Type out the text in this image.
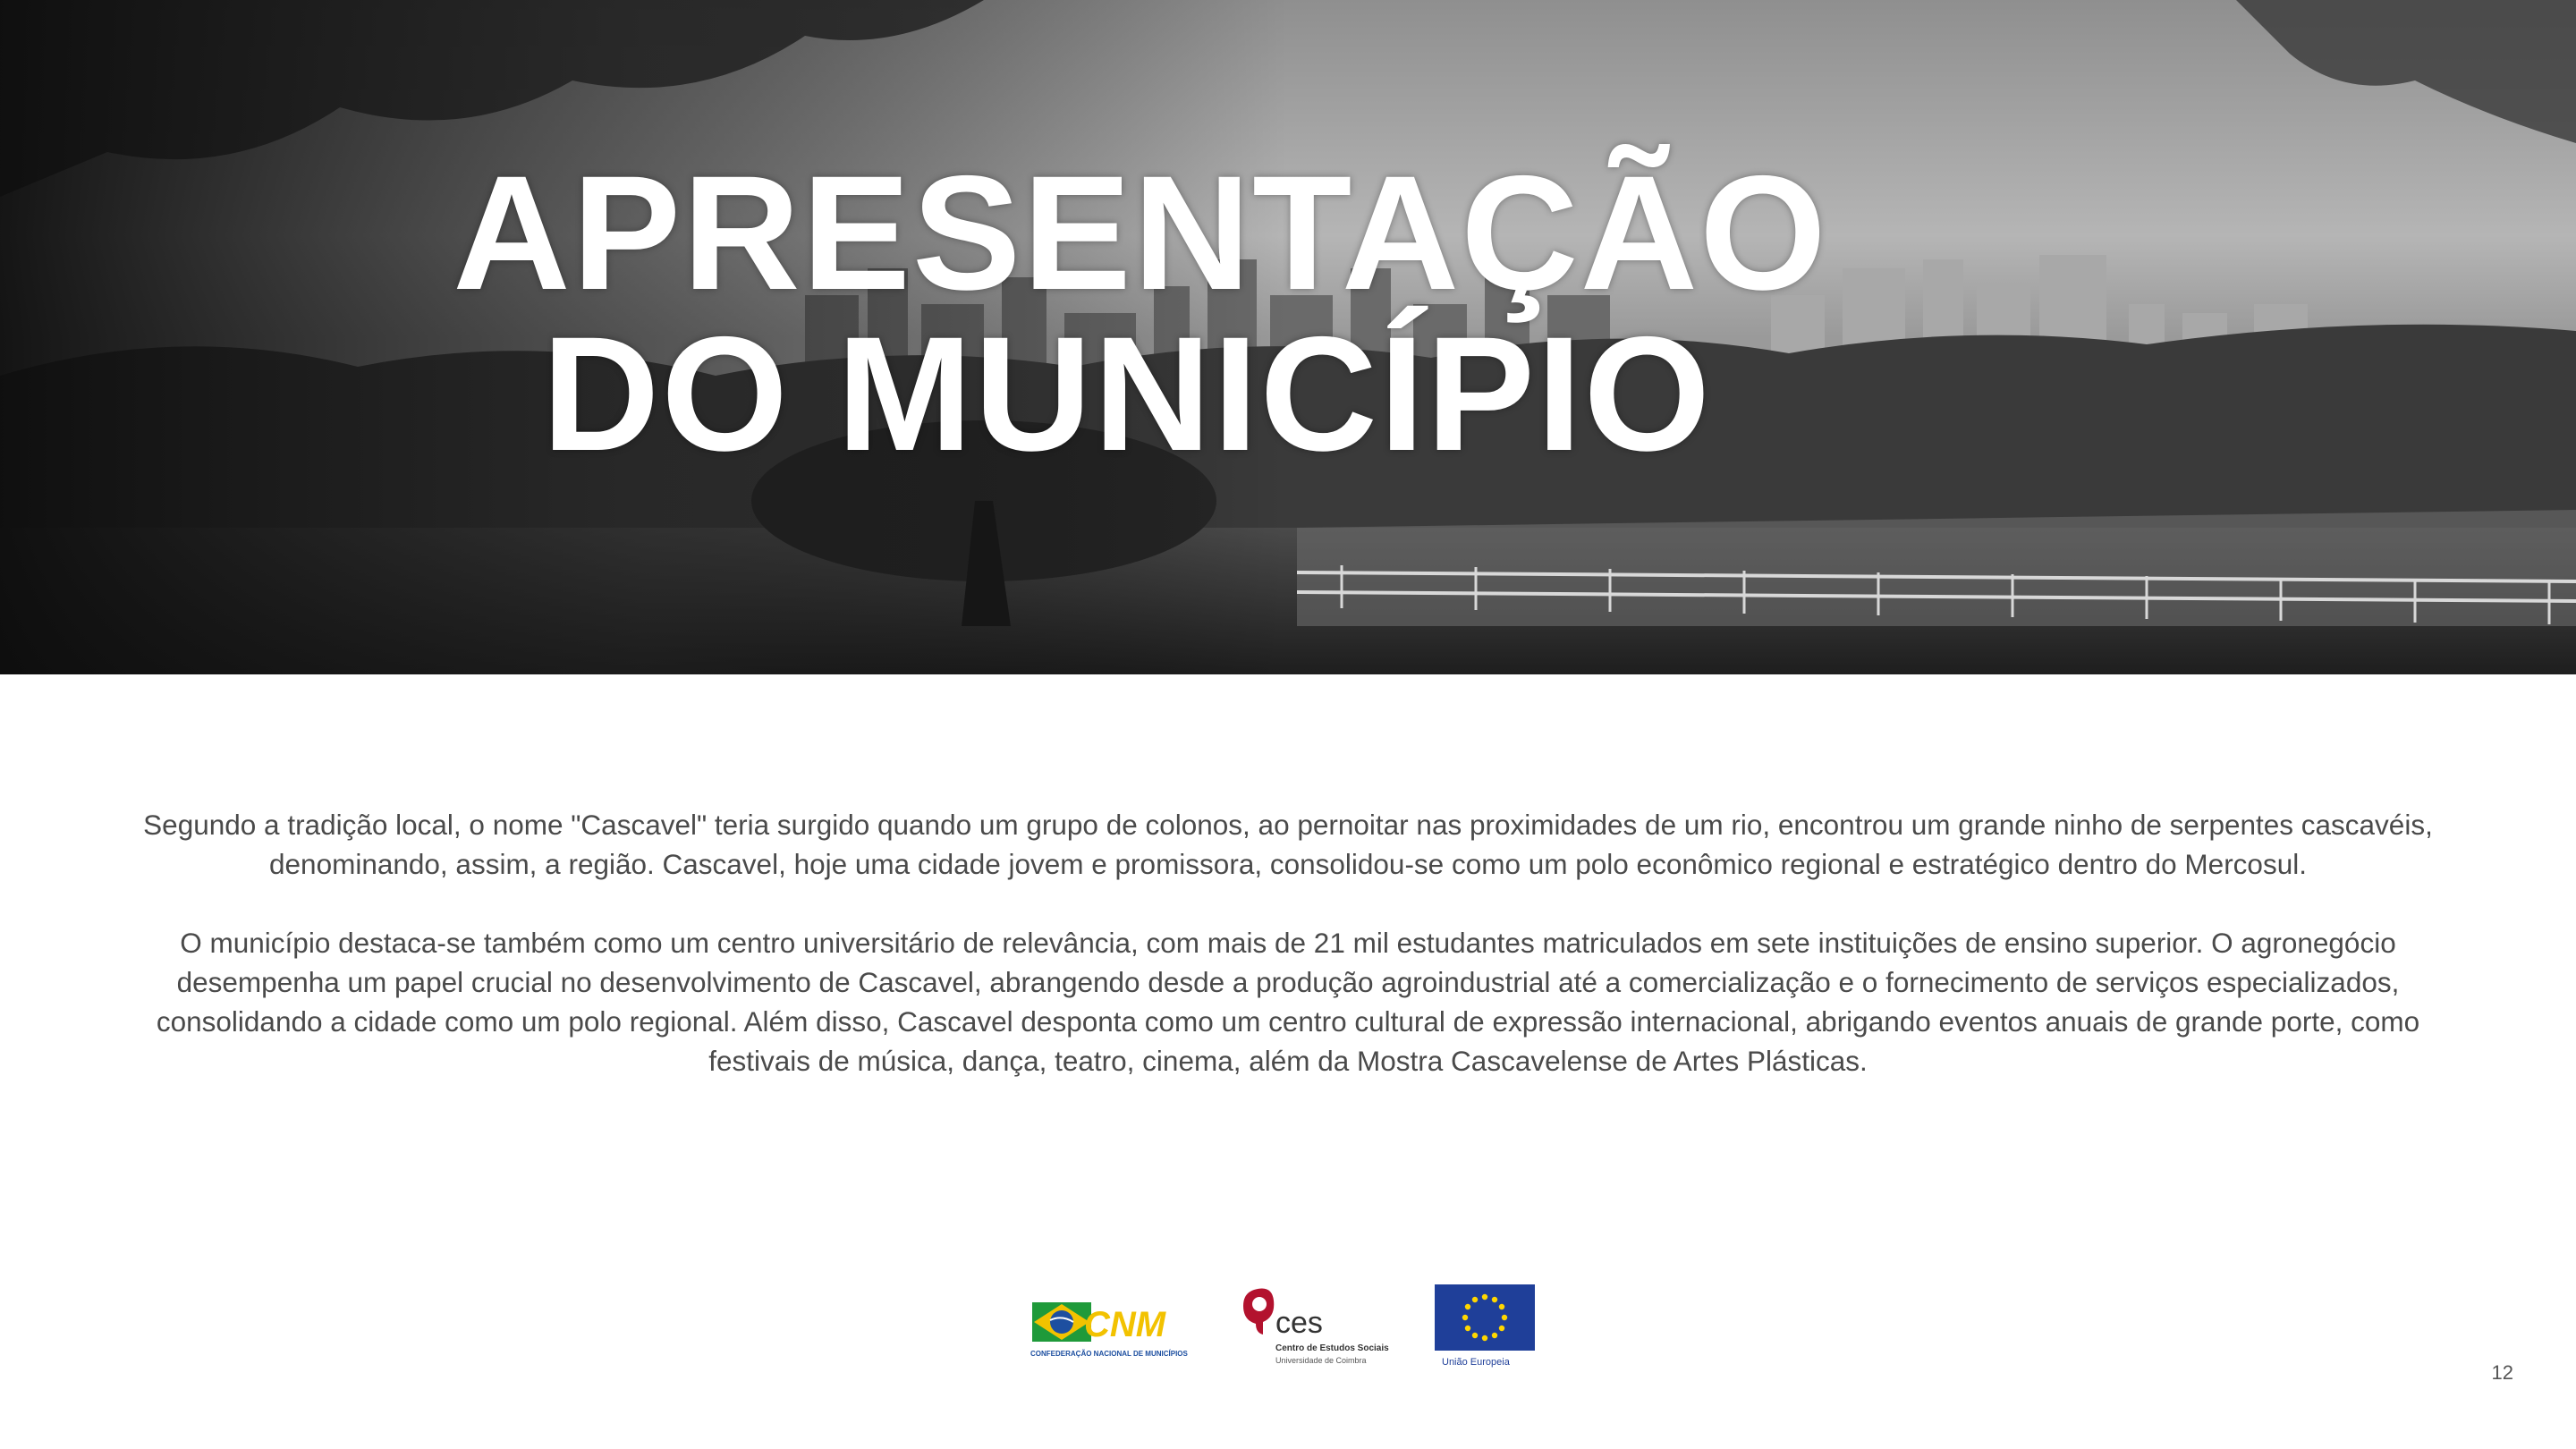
APRESENTAÇÃO
DO MUNICÍPIO

Segundo a tradição local, o nome "Cascavel" teria surgido quando um grupo de colonos, ao pernoitar nas proximidades de um rio, encontrou um grande ninho de serpentes cascavéis, denominando, assim, a região. Cascavel, hoje uma cidade jovem e promissora, consolidou-se como um polo econômico regional e estratégico dentro do Mercosul.

O município destaca-se também como um centro universitário de relevância, com mais de 21 mil estudantes matriculados em sete instituições de ensino superior. O agronegócio desempenha um papel crucial no desenvolvimento de Cascavel, abrangendo desde a produção agroindustrial até a comercialização e o fornecimento de serviços especializados, consolidando a cidade como um polo regional. Além disso, Cascavel desponta como um centro cultural de expressão internacional, abrigando eventos anuais de grande porte, como festivais de música, dança, teatro, cinema, além da Mostra Cascavelense de Artes Plásticas.

CNM
CONFEDERAÇÃO NACIONAL DE MUNICÍPIOS
ces
Centro de Estudos Sociais
Universidade de Coimbra	União Europeia	12
